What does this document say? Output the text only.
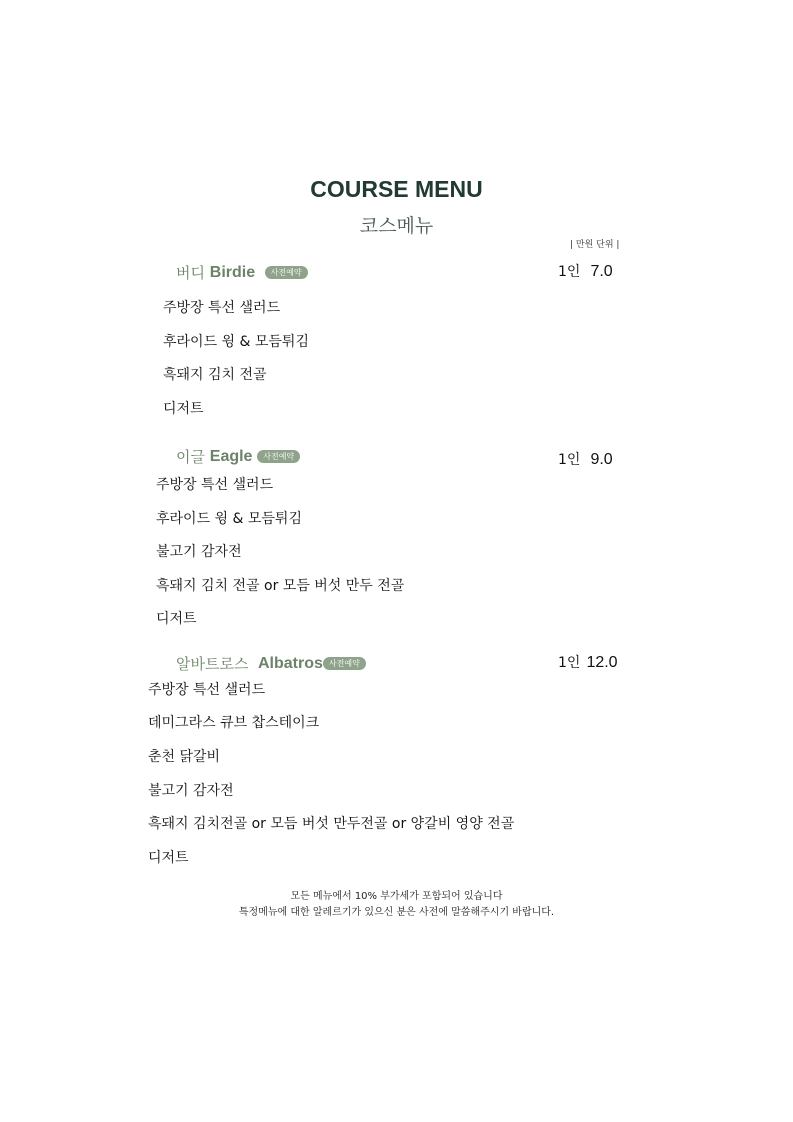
COURSE MENU
코스메뉴
| 만원 단위 |
버디
Birdie
	사전예약	1인 7.0
주방장 특선 샐러드
후라이드 윙 & 모듬튀김
흑돼지 김치 전골
디저트
이글
Eagle
	사전예약	1인 9.0
주방장 특선 샐러드
후라이드 윙 & 모듬튀김
불고기 감자전
흑돼지 김치 전골 or 모듬 버섯 만두 전골
디저트
알바트로스
Albatros 사전예약	1인 12.0
주방장 특선 샐러드
데미그라스 큐브 찹스테이크
춘천 닭갈비
불고기 감자전
흑돼지 김치전골 or 모듬 버섯 만두전골 or 양갈비 영양 전골
디저트
모든 메뉴에서 10% 부가세가 포함되어 있습니다
특정메뉴에 대한 알레르기가 있으신 분은 사전에 말씀해주시기 바랍니다.
